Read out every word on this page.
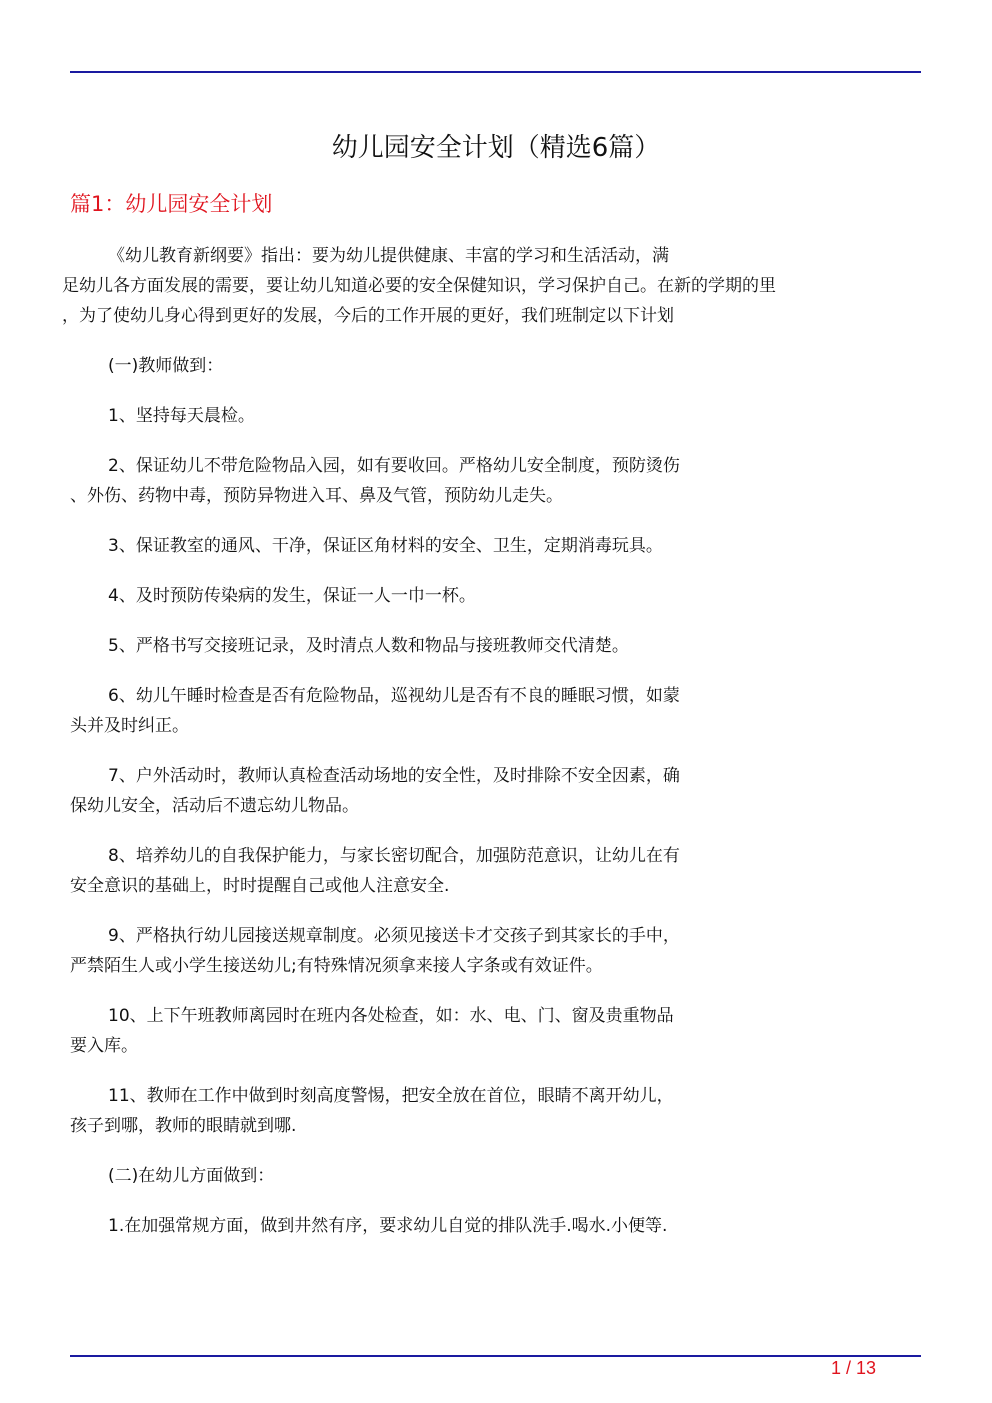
幼儿园安全计划（精选6篇）
篇1：幼儿园安全计划
《幼儿教育新纲要》指出：要为幼儿提供健康、丰富的学习和生活活动，满
足幼儿各方面发展的需要，要让幼儿知道必要的安全保健知识，学习保护自己。在新的学期的里
，为了使幼儿身心得到更好的发展，今后的工作开展的更好，我们班制定以下计划
(一)教师做到：
1、坚持每天晨检。
2、保证幼儿不带危险物品入园，如有要收回。严格幼儿安全制度，预防烫伤
、外伤、药物中毒，预防异物进入耳、鼻及气管，预防幼儿走失。
3、保证教室的通风、干净，保证区角材料的安全、卫生，定期消毒玩具。
4、及时预防传染病的发生，保证一人一巾一杯。
5、严格书写交接班记录，及时清点人数和物品与接班教师交代清楚。
6、幼儿午睡时检查是否有危险物品，巡视幼儿是否有不良的睡眠习惯，如蒙
头并及时纠正。
7、户外活动时，教师认真检查活动场地的安全性，及时排除不安全因素，确
保幼儿安全，活动后不遗忘幼儿物品。
8、培养幼儿的自我保护能力，与家长密切配合，加强防范意识，让幼儿在有
安全意识的基础上，时时提醒自己或他人注意安全.
9、严格执行幼儿园接送规章制度。必须见接送卡才交孩子到其家长的手中，
严禁陌生人或小学生接送幼儿;有特殊情况须拿来接人字条或有效证件。
10、上下午班教师离园时在班内各处检查，如：水、电、门、窗及贵重物品
要入库。
11、教师在工作中做到时刻高度警惕，把安全放在首位，眼睛不离开幼儿，
孩子到哪，教师的眼睛就到哪.
(二)在幼儿方面做到：
1.在加强常规方面，做到井然有序，要求幼儿自觉的排队洗手.喝水.小便等.
1 / 13
